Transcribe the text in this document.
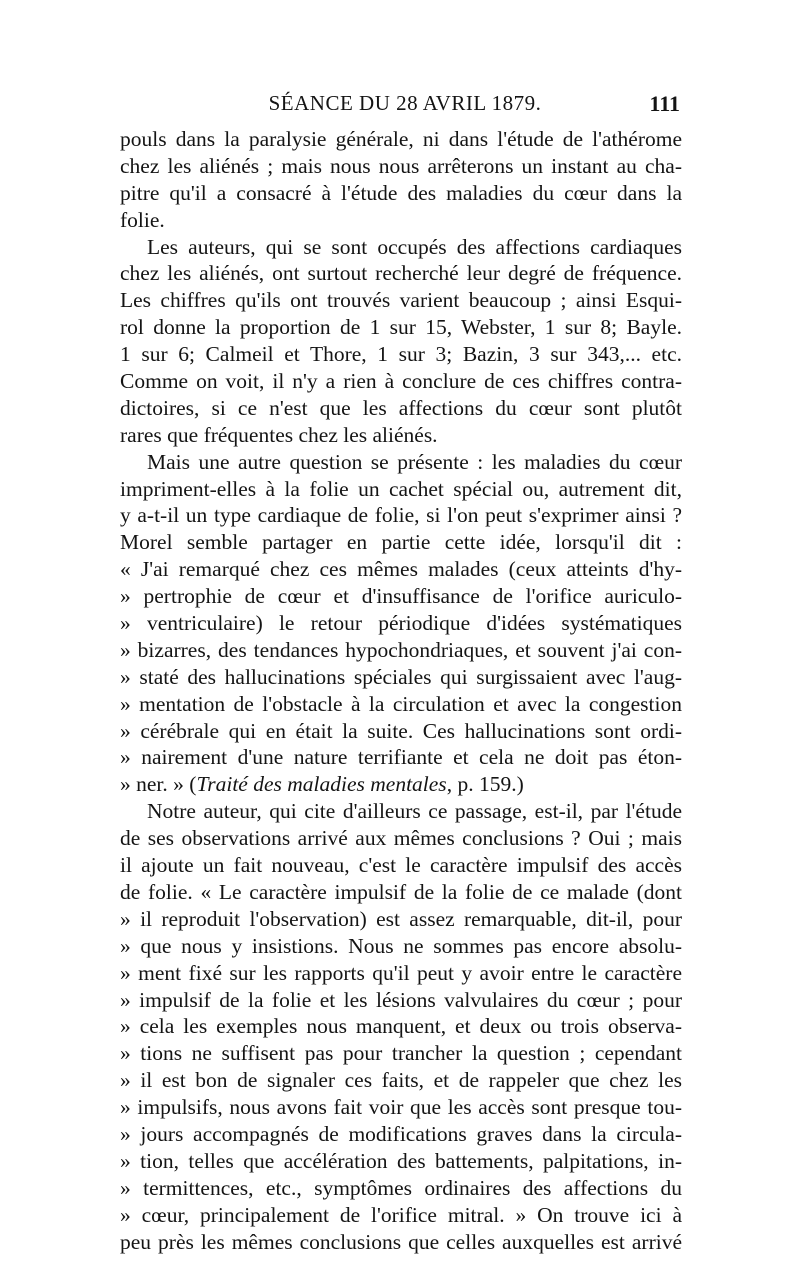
SÉANCE DU 28 AVRIL 1879.	111
pouls dans la paralysie générale, ni dans l'étude de l'athérome
chez les aliénés ; mais nous nous arrêterons un instant au cha-
pitre qu'il a consacré à l'étude des maladies du cœur dans la
folie.
Les auteurs, qui se sont occupés des affections cardiaques
chez les aliénés, ont surtout recherché leur degré de fréquence.
Les chiffres qu'ils ont trouvés varient beaucoup ; ainsi Esqui-
rol donne la proportion de 1 sur 15, Webster, 1 sur 8; Bayle.
1 sur 6; Calmeil et Thore, 1 sur 3; Bazin, 3 sur 343,... etc.
Comme on voit, il n'y a rien à conclure de ces chiffres contra-
dictoires, si ce n'est que les affections du cœur sont plutôt
rares que fréquentes chez les aliénés.
Mais une autre question se présente : les maladies du cœur
impriment-elles à la folie un cachet spécial ou, autrement dit,
y a-t-il un type cardiaque de folie, si l'on peut s'exprimer ainsi ?
Morel semble partager en partie cette idée, lorsqu'il dit :
« J'ai remarqué chez ces mêmes malades (ceux atteints d'hy-
» pertrophie de cœur et d'insuffisance de l'orifice auriculo-
» ventriculaire) le retour périodique d'idées systématiques
» bizarres, des tendances hypochondriaques, et souvent j'ai con-
» staté des hallucinations spéciales qui surgissaient avec l'aug-
» mentation de l'obstacle à la circulation et avec la congestion
» cérébrale qui en était la suite. Ces hallucinations sont ordi-
» nairement d'une nature terrifiante et cela ne doit pas éton-
» ner. » (Traité des maladies mentales, p. 159.)
Notre auteur, qui cite d'ailleurs ce passage, est-il, par l'étude
de ses observations arrivé aux mêmes conclusions ? Oui ; mais
il ajoute un fait nouveau, c'est le caractère impulsif des accès
de folie. « Le caractère impulsif de la folie de ce malade (dont
» il reproduit l'observation) est assez remarquable, dit-il, pour
» que nous y insistions. Nous ne sommes pas encore absolu-
» ment fixé sur les rapports qu'il peut y avoir entre le caractère
» impulsif de la folie et les lésions valvulaires du cœur ; pour
» cela les exemples nous manquent, et deux ou trois observa-
» tions ne suffisent pas pour trancher la question ; cependant
» il est bon de signaler ces faits, et de rappeler que chez les
» impulsifs, nous avons fait voir que les accès sont presque tou-
» jours accompagnés de modifications graves dans la circula-
» tion, telles que accélération des battements, palpitations, in-
» termittences, etc., symptômes ordinaires des affections du
» cœur, principalement de l'orifice mitral. » On trouve ici à
peu près les mêmes conclusions que celles auxquelles est arrivé
